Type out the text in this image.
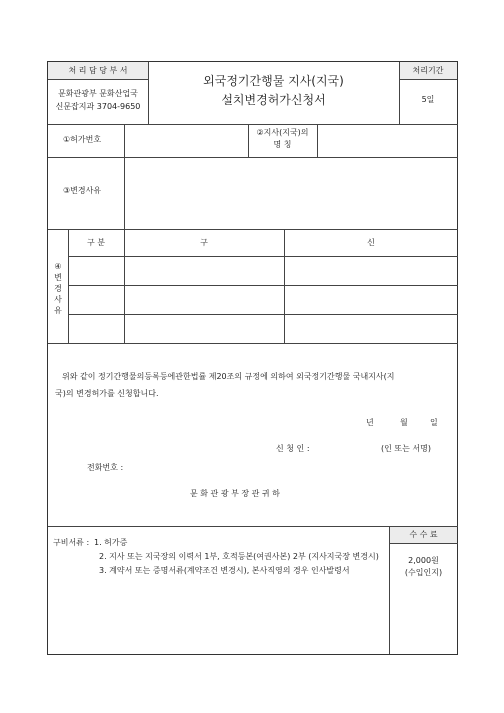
처 리 담 당 부 서
문화관광부 문화산업국
신문잡지과 3704-9650
외국정기간행물 지사(지국)
설치변경허가신청서
처리기간
5일
①허가번호
②지사(지국)의
명 칭
③변경사유
④
변
경
사
유
구 분	구	신
위와 같이 정기간행물의등록등에관한법률 제20조의 규정에 의하여 외국정기간행물 국내지사(지
국)의 변경허가를 신청합니다.
년	월	일
신 청 인 :	(인 또는 서명)
전화번호 :
문 화 관 광 부 장 관 귀 하
구비서류 : 1. 허가증
2. 지사 또는 지국장의 이력서 1부, 호적등본(여권사본) 2부 (지사지국장 변경시)
3. 계약서 또는 증명서류(계약조건 변경시), 본사직영의 경우 인사발령서
수 수 료
2,000원
(수입인지)
